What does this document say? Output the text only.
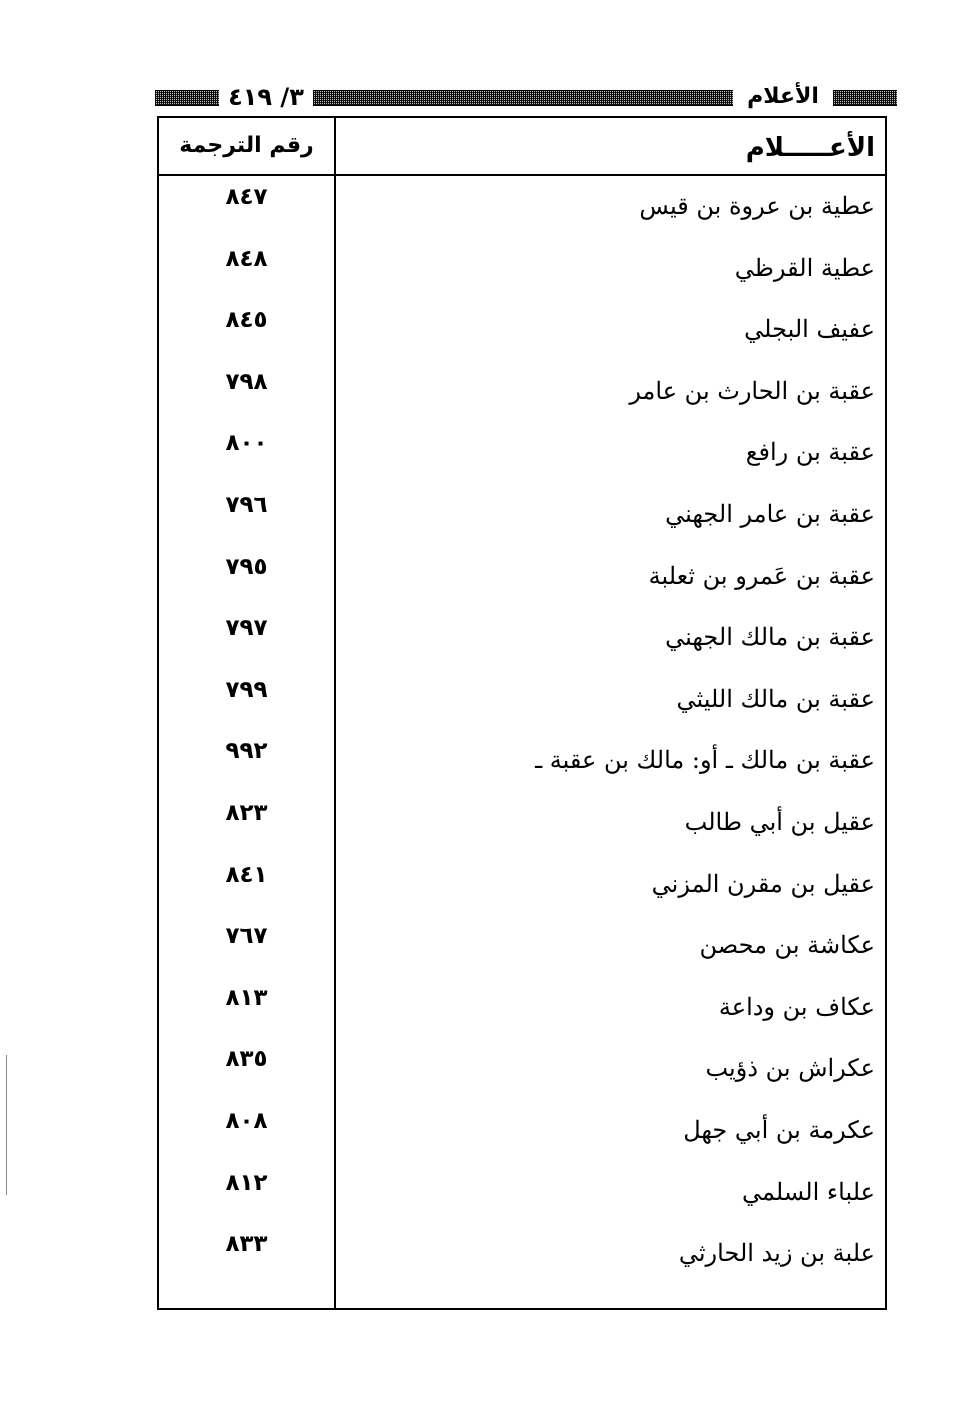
٣/ ٤١٩	الأعلام
رقم الترجمة	الأعـــــلام
٨٤٧	عطية بن عروة بن قيس
٨٤٨	عطية القرظي
٨٤٥	عفيف البجلي
٧٩٨	عقبة بن الحارث بن عامر
٨٠٠	عقبة بن رافع
٧٩٦	عقبة بن عامر الجهني
٧٩٥	عقبة بن عَمرو بن ثعلبة
٧٩٧	عقبة بن مالك الجهني
٧٩٩	عقبة بن مالك الليثي
٩٩٢	عقبة بن مالك ـ أو: مالك بن عقبة ـ
٨٢٣	عقيل بن أبي طالب
٨٤١	عقيل بن مقرن المزني
٧٦٧	عكاشة بن محصن
٨١٣	عكاف بن وداعة
٨٣٥	عكراش بن ذؤيب
٨٠٨	عكرمة بن أبي جهل
٨١٢	علباء السلمي
٨٣٣	علبة بن زيد الحارثي
